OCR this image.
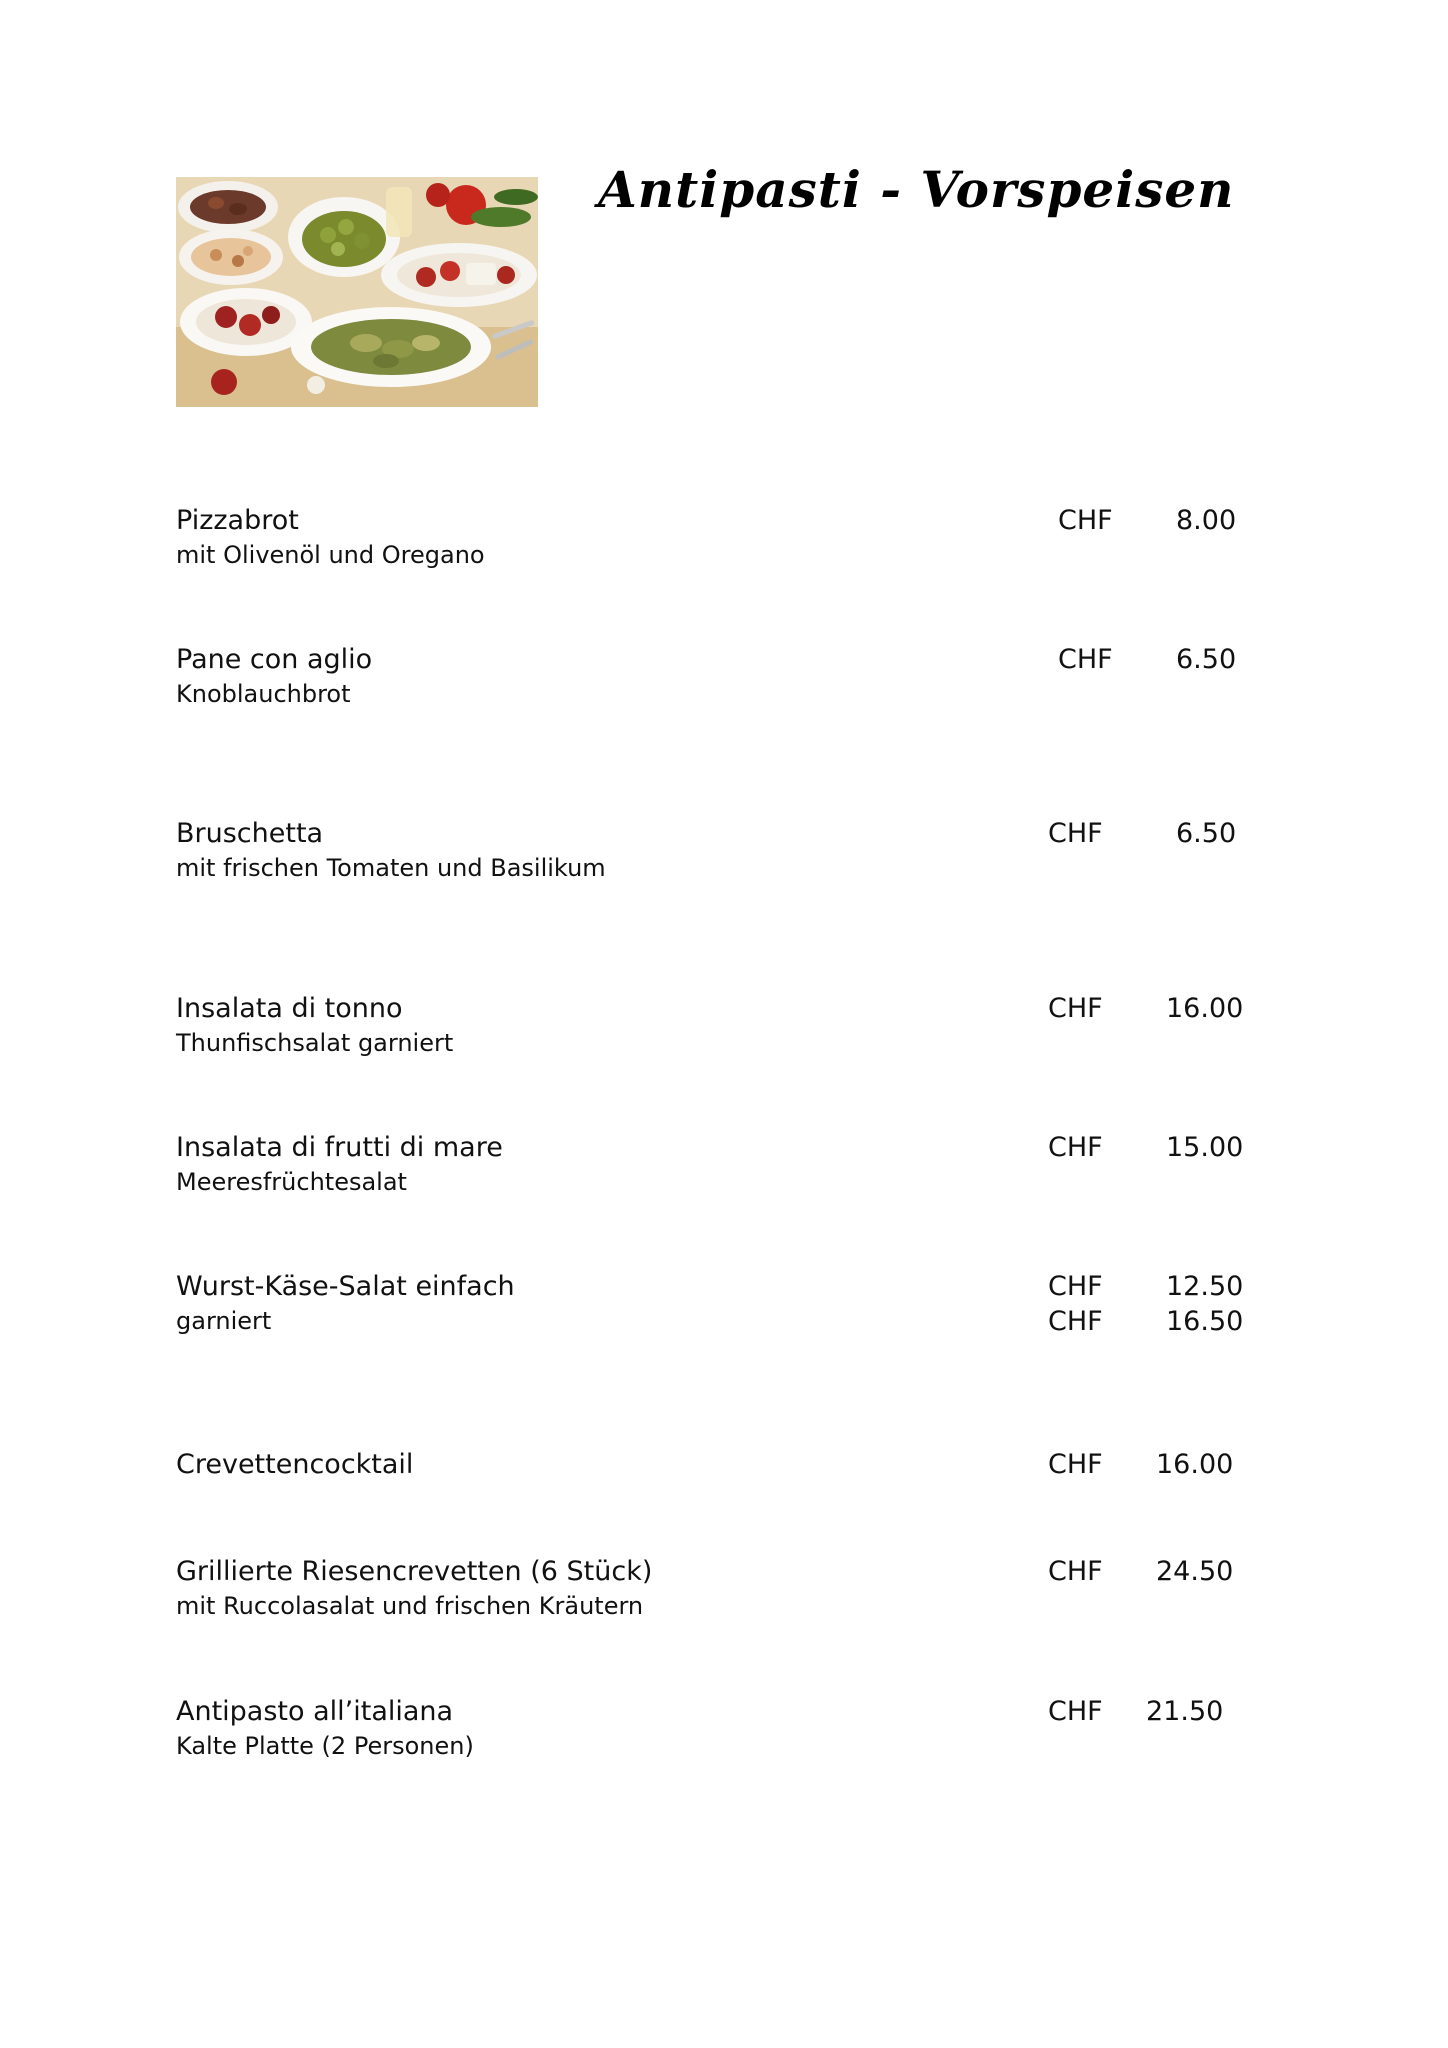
Antipasti - Vorspeisen
Pizzabrot	CHF 8.00
mit Olivenöl und Oregano
Pane con aglio	CHF 6.50
Knoblauchbrot
Bruschetta	CHF	6.50
mit frischen Tomaten und Basilikum
Insalata di tonno	CHF 16.00
Thunfischsalat garniert
Insalata di frutti di mare	CHF 15.00
Meeresfrüchtesalat
Wurst-Käse-Salat einfach	CHF 12.50
garniert	CHF 16.50
Crevettencocktail	CHF 16.00
Grillierte Riesencrevetten (6 Stück)	CHF 24.50
mit Ruccolasalat und frischen Kräutern
Antipasto all’italiana	CHF 21.50
Kalte Platte (2 Personen)
